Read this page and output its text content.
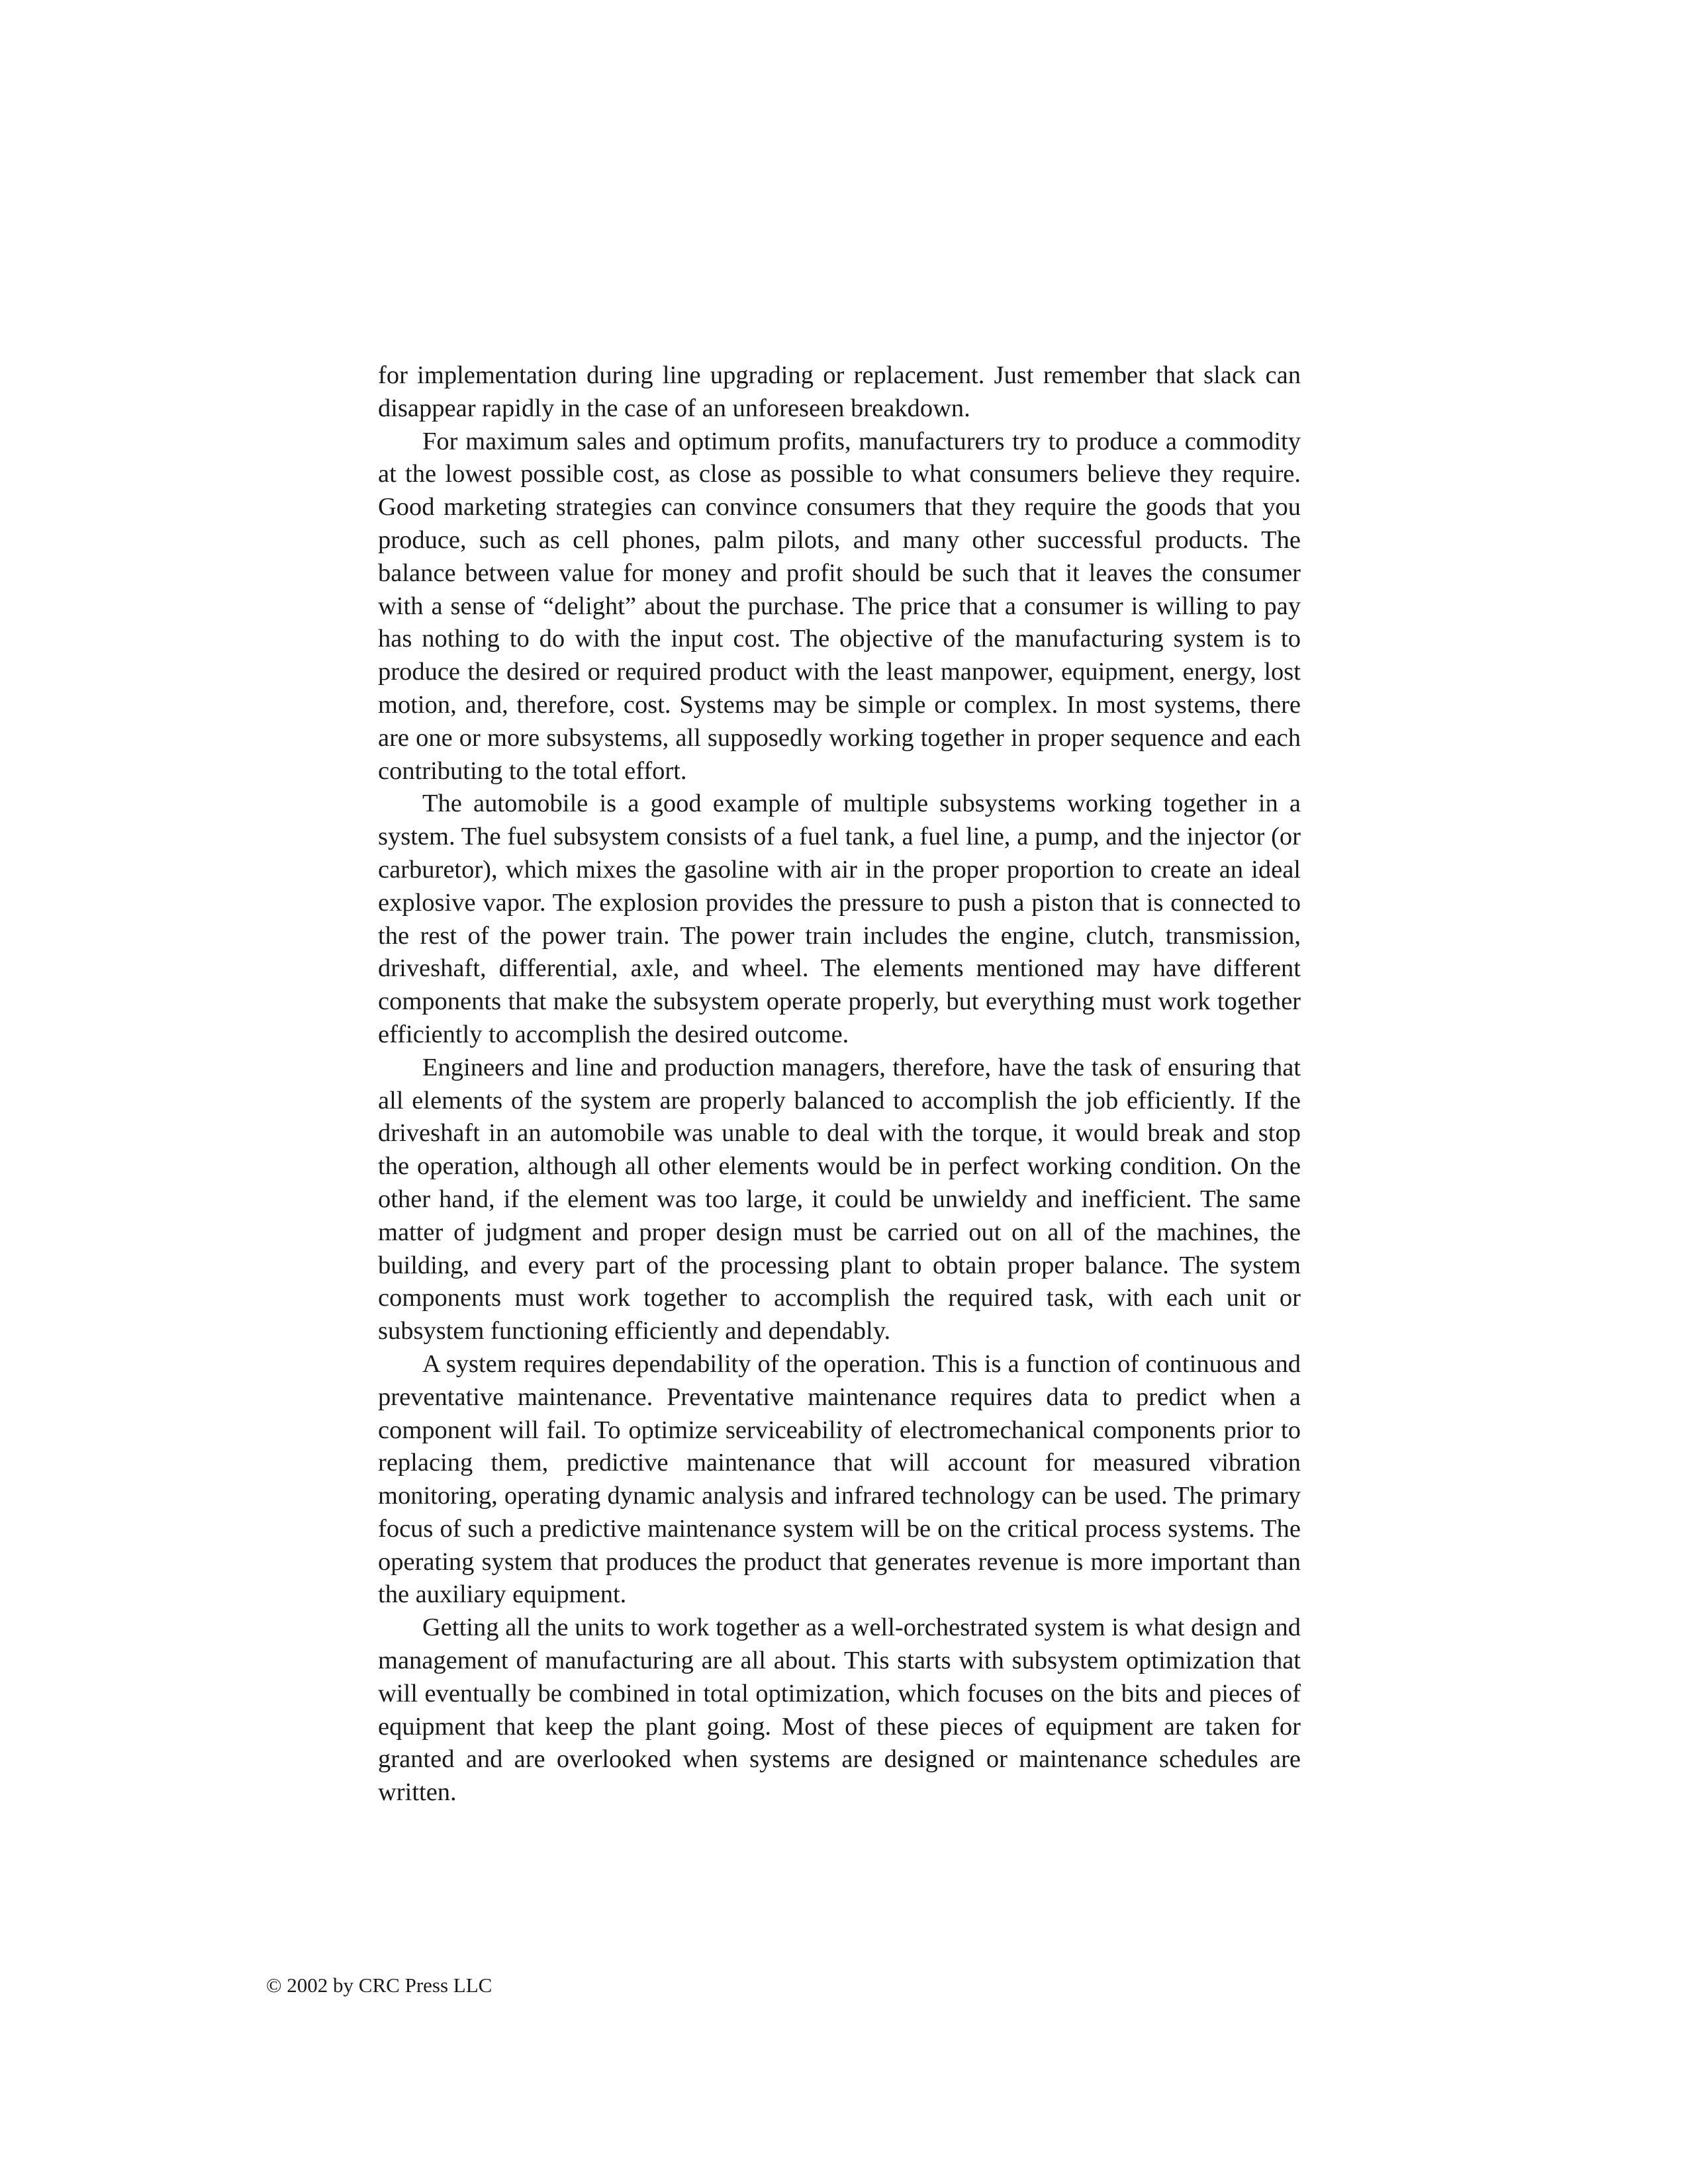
for implementation during line upgrading or replacement. Just remember that slack can disappear rapidly in the case of an unforeseen breakdown.

For maximum sales and optimum profits, manufacturers try to produce a commodity at the lowest possible cost, as close as possible to what consumers believe they require. Good marketing strategies can convince consumers that they require the goods that you produce, such as cell phones, palm pilots, and many other successful products. The balance between value for money and profit should be such that it leaves the consumer with a sense of “delight” about the purchase. The price that a consumer is willing to pay has nothing to do with the input cost. The objective of the manufacturing system is to produce the desired or required product with the least manpower, equipment, energy, lost motion, and, therefore, cost. Systems may be simple or complex. In most systems, there are one or more subsystems, all supposedly working together in proper sequence and each contributing to the total effort.

The automobile is a good example of multiple subsystems working together in a system. The fuel subsystem consists of a fuel tank, a fuel line, a pump, and the injector (or carburetor), which mixes the gasoline with air in the proper proportion to create an ideal explosive vapor. The explosion provides the pressure to push a piston that is connected to the rest of the power train. The power train includes the engine, clutch, transmission, driveshaft, differential, axle, and wheel. The elements mentioned may have different components that make the subsystem operate properly, but everything must work together efficiently to accomplish the desired outcome.

Engineers and line and production managers, therefore, have the task of ensuring that all elements of the system are properly balanced to accomplish the job efficiently. If the driveshaft in an automobile was unable to deal with the torque, it would break and stop the operation, although all other elements would be in perfect working condition. On the other hand, if the element was too large, it could be unwieldy and inefficient. The same matter of judgment and proper design must be carried out on all of the machines, the building, and every part of the processing plant to obtain proper balance. The system components must work together to accomplish the required task, with each unit or subsystem functioning efficiently and dependably.

A system requires dependability of the operation. This is a function of continuous and preventative maintenance. Preventative maintenance requires data to predict when a component will fail. To optimize serviceability of electromechanical components prior to replacing them, predictive maintenance that will account for measured vibration monitoring, operating dynamic analysis and infrared technology can be used. The primary focus of such a predictive maintenance system will be on the critical process systems. The operating system that produces the product that generates revenue is more important than the auxiliary equipment.

Getting all the units to work together as a well-orchestrated system is what design and management of manufacturing are all about. This starts with subsystem optimization that will eventually be combined in total optimization, which focuses on the bits and pieces of equipment that keep the plant going. Most of these pieces of equipment are taken for granted and are overlooked when systems are designed or maintenance schedules are written.

© 2002 by CRC Press LLC
